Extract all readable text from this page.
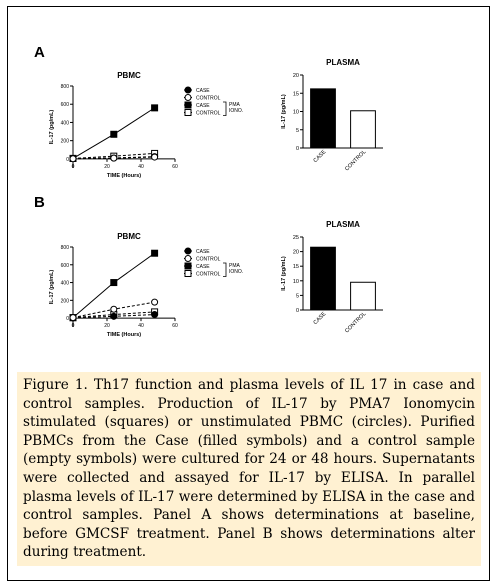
A
B
PBMC
0
200
400
600
800
0	20	40	60
TIME (Hours)
IL-17 (pg/mL)
CASE
CONTROL
CASE
CONTROL
PMA
IONO.
PLASMA
0
5
10
15
20
IL-17 (pg/mL)
CASE	CONTROL
PBMC
0
200
400
600
800
0	20	40	60
TIME (Hours)
IL-17 (pg/mL)
CASE
CONTROL
CASE
CONTROL
PMA
IONO.
PLASMA
0
5
10
15
20
25
IL-17 (pg/mL)
CASE	CONTROL
Figure 1. Th17 function and plasma levels of IL 17 in case and control samples. Production of IL-17 by PMA7 Ionomycin stimulated (squares) or unstimulated PBMC (circles). Purified PBMCs from the Case (filled symbols) and a control sample (empty symbols) were cultured for 24 or 48 hours. Supernatants were collected and assayed for IL-17 by ELISA. In parallel plasma levels of IL-17 were determined by ELISA in the case and control samples. Panel A shows determinations at baseline, before GMCSF treatment. Panel B shows determinations alter during treatment.
